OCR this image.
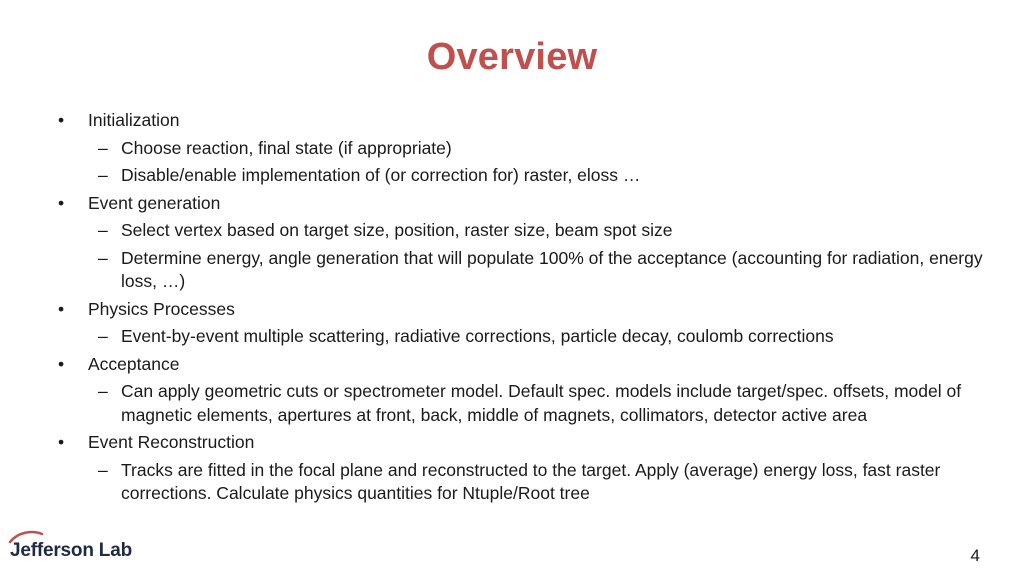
Overview
• Initialization
– Choose reaction, final state (if appropriate)
– Disable/enable implementation of (or correction for) raster, eloss …
• Event generation
– Select vertex based on target size, position, raster size, beam spot size
– Determine energy, angle generation that will populate 100% of the acceptance (accounting for radiation, energy loss, …)
• Physics Processes
– Event-by-event multiple scattering, radiative corrections, particle decay, coulomb corrections
• Acceptance
– Can apply geometric cuts or spectrometer model. Default spec. models include target/spec. offsets, model of magnetic elements, apertures at front, back, middle of magnets, collimators, detector active area
• Event Reconstruction
– Tracks are fitted in the focal plane and reconstructed to the target. Apply (average) energy loss, fast raster corrections. Calculate physics quantities for Ntuple/Root tree
Jefferson Lab	4
